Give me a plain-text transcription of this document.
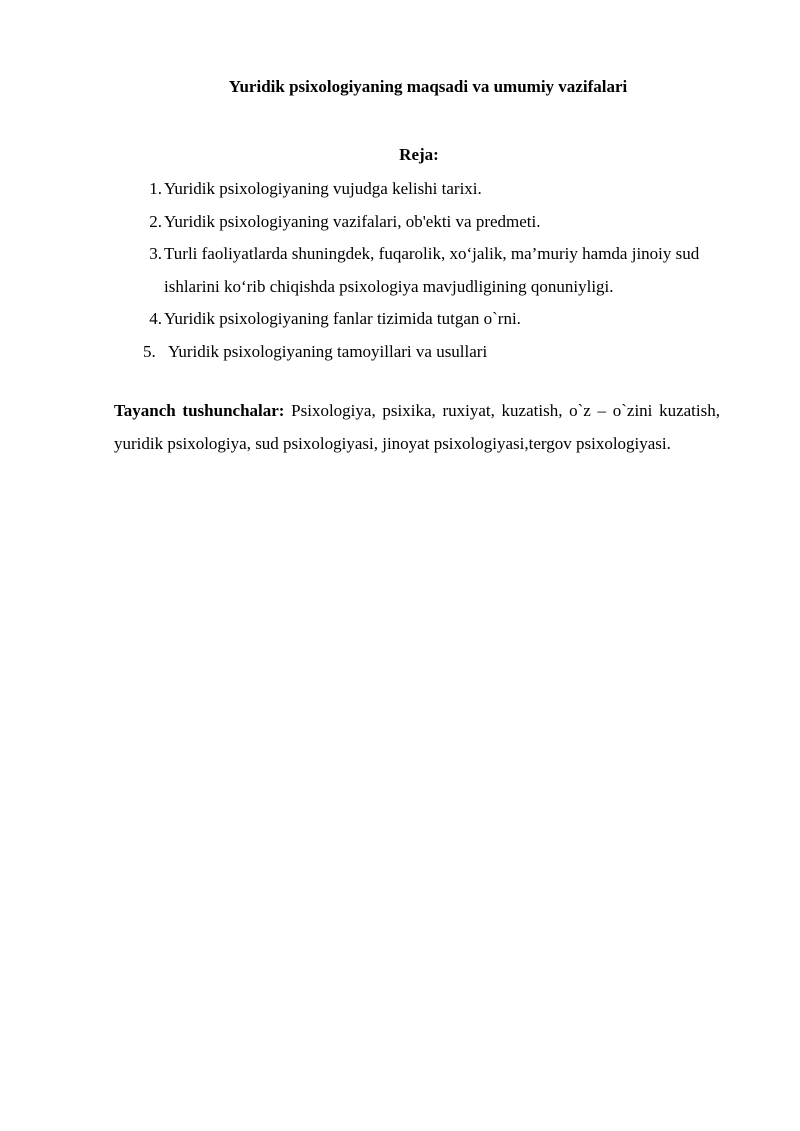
Yuridik psixologiyaning maqsadi va umumiy vazifalari
Reja:
1. Yuridik psixologiyaning vujudga kelishi tarixi.
2. Yuridik psixologiyaning vazifalari, ob'ekti va predmeti.
3. Turli faoliyatlarda shuningdek, fuqarolik, xo‘jalik, ma’muriy hamda jinoiy sud ishlarini ko‘rib chiqishda psixologiya mavjudligining qonuniyligi.
4. Yuridik psixologiyaning fanlar tizimida tutgan o`rni.
5. Yuridik psixologiyaning tamoyillari va usullari

Tayanch tushunchalar: Psixologiya, psixika, ruxiyat, kuzatish, o`z – o`zini kuzatish, yuridik psixologiya, sud psixologiyasi, jinoyat psixologiyasi,tergov psixologiyasi.
